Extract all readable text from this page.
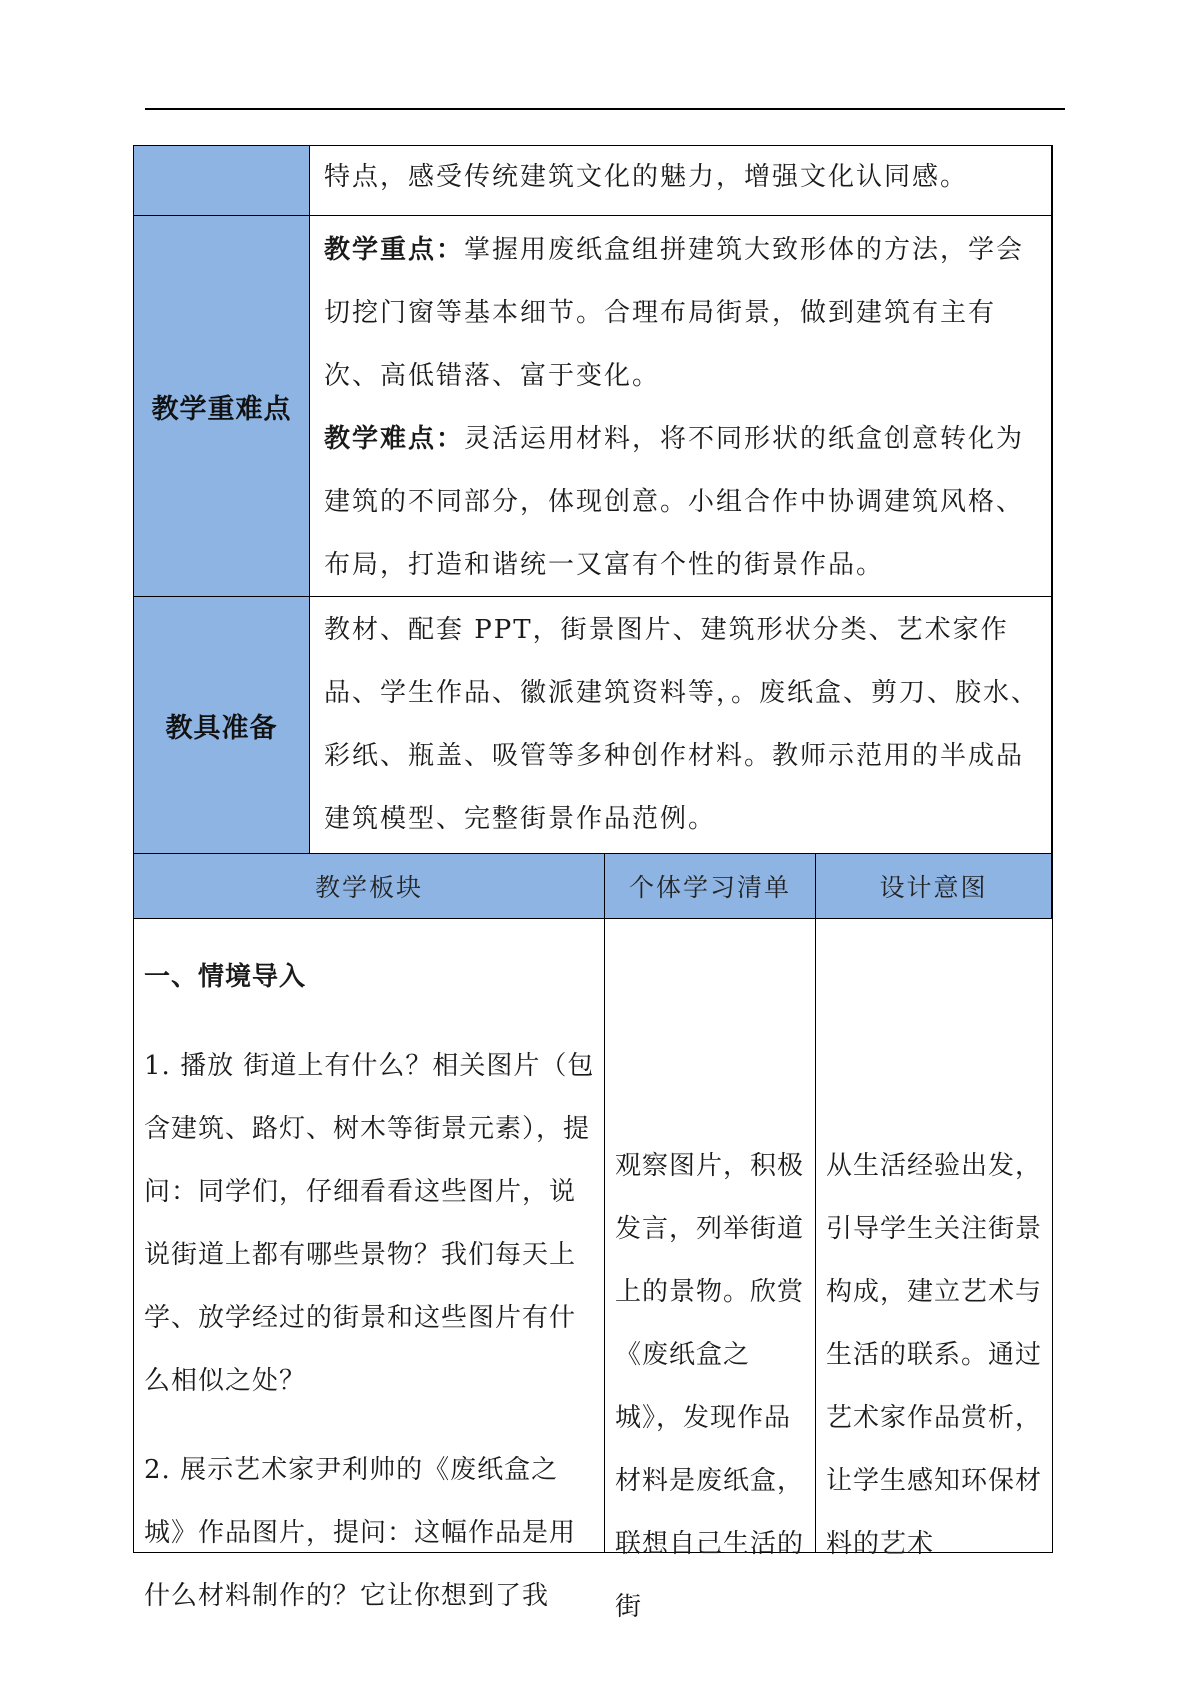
特点，感受传统建筑文化的魅力，增强文化认同感。

教学重难点

教学重点：掌握用废纸盒组拼建筑大致形体的方法，学会切挖门窗等基本细节。合理布局街景，做到建筑有主有次、高低错落、富于变化。

教学难点：灵活运用材料，将不同形状的纸盒创意转化为建筑的不同部分，体现创意。小组合作中协调建筑风格、布局，打造和谐统一又富有个性的街景作品。

教具准备

教材、配套 PPT，街景图片、建筑形状分类、艺术家作品、学生作品、徽派建筑资料等，。废纸盒、剪刀、胶水、彩纸、瓶盖、吸管等多种创作材料。教师示范用的半成品建筑模型、完整街景作品范例。

教学板块	个体学习清单	设计意图

一、情境导入

1. 播放 街道上有什么？相关图片（包含建筑、路灯、树木等街景元素），提问：同学们，仔细看看这些图片，说说街道上都有哪些景物？我们每天上学、放学经过的街景和这些图片有什么相似之处？

2. 展示艺术家尹利帅的《废纸盒之城》作品图片，提问：这幅作品是用什么材料制作的？它让你想到了我

观察图片，积极发言，列举街道上的景物。欣赏《废纸盒之城》，发现作品材料是废纸盒，联想自己生活的街

从生活经验出发，引导学生关注街景构成，建立艺术与生活的联系。通过艺术家作品赏析，让学生感知环保材料的艺术
